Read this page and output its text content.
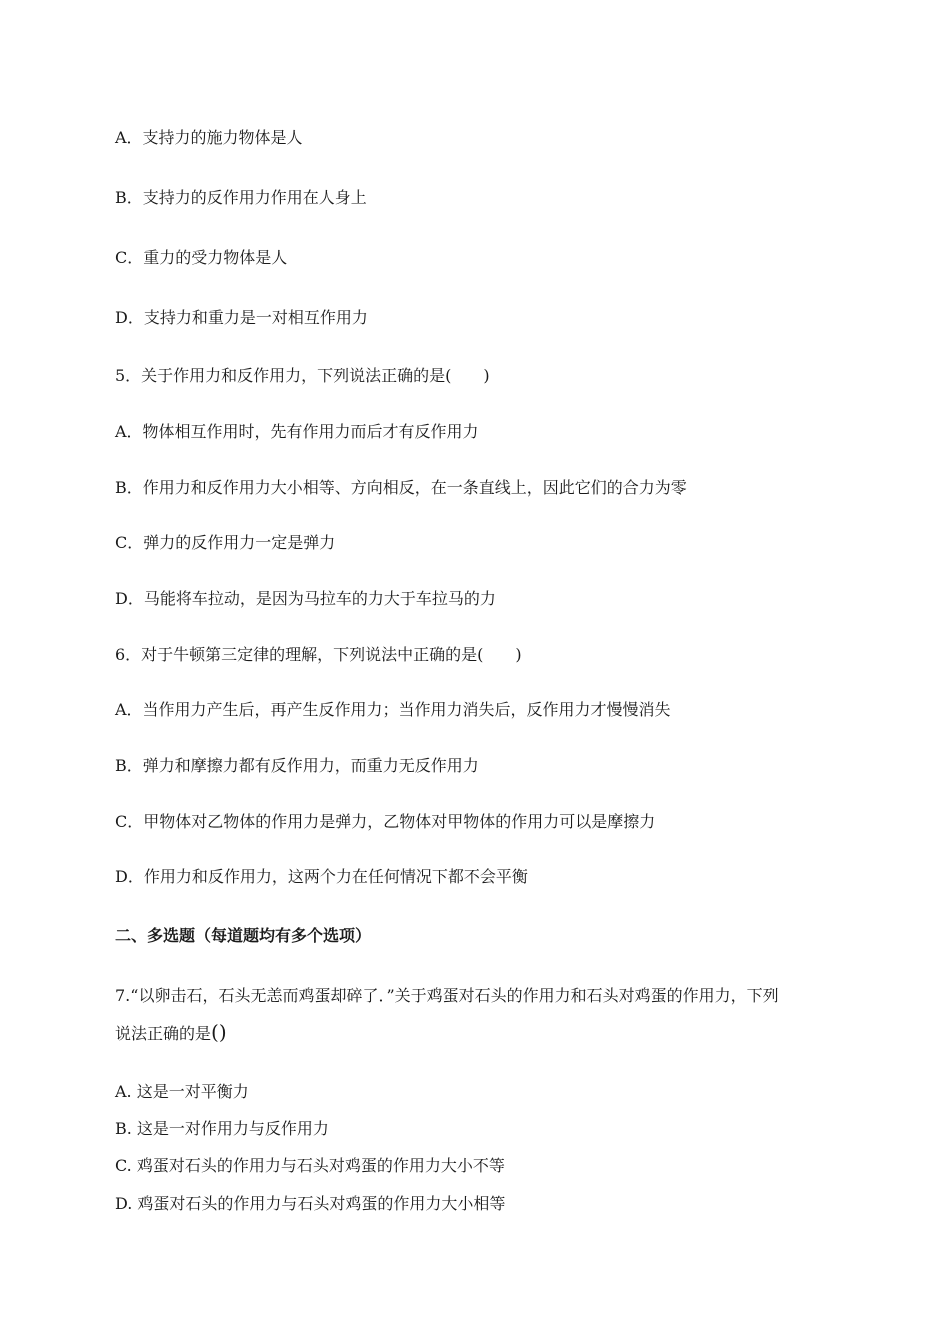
A．支持力的施力物体是人
B．支持力的反作用力作用在人身上
C．重力的受力物体是人
D．支持力和重力是一对相互作用力
5．关于作用力和反作用力，下列说法正确的是(　　)
A．物体相互作用时，先有作用力而后才有反作用力
B．作用力和反作用力大小相等、方向相反，在一条直线上，因此它们的合力为零
C．弹力的反作用力一定是弹力
D．马能将车拉动，是因为马拉车的力大于车拉马的力
6．对于牛顿第三定律的理解，下列说法中正确的是(　　)
A．当作用力产生后，再产生反作用力；当作用力消失后，反作用力才慢慢消失
B．弹力和摩擦力都有反作用力，而重力无反作用力
C．甲物体对乙物体的作用力是弹力，乙物体对甲物体的作用力可以是摩擦力
D．作用力和反作用力，这两个力在任何情况下都不会平衡
二、多选题（每道题均有多个选项）
7.“以卵击石，石头无恙而鸡蛋却碎了．”关于鸡蛋对石头的作用力和石头对鸡蛋的作用力，下列
说法正确的是()
A. 这是一对平衡力
B. 这是一对作用力与反作用力
C. 鸡蛋对石头的作用力与石头对鸡蛋的作用力大小不等
D. 鸡蛋对石头的作用力与石头对鸡蛋的作用力大小相等
